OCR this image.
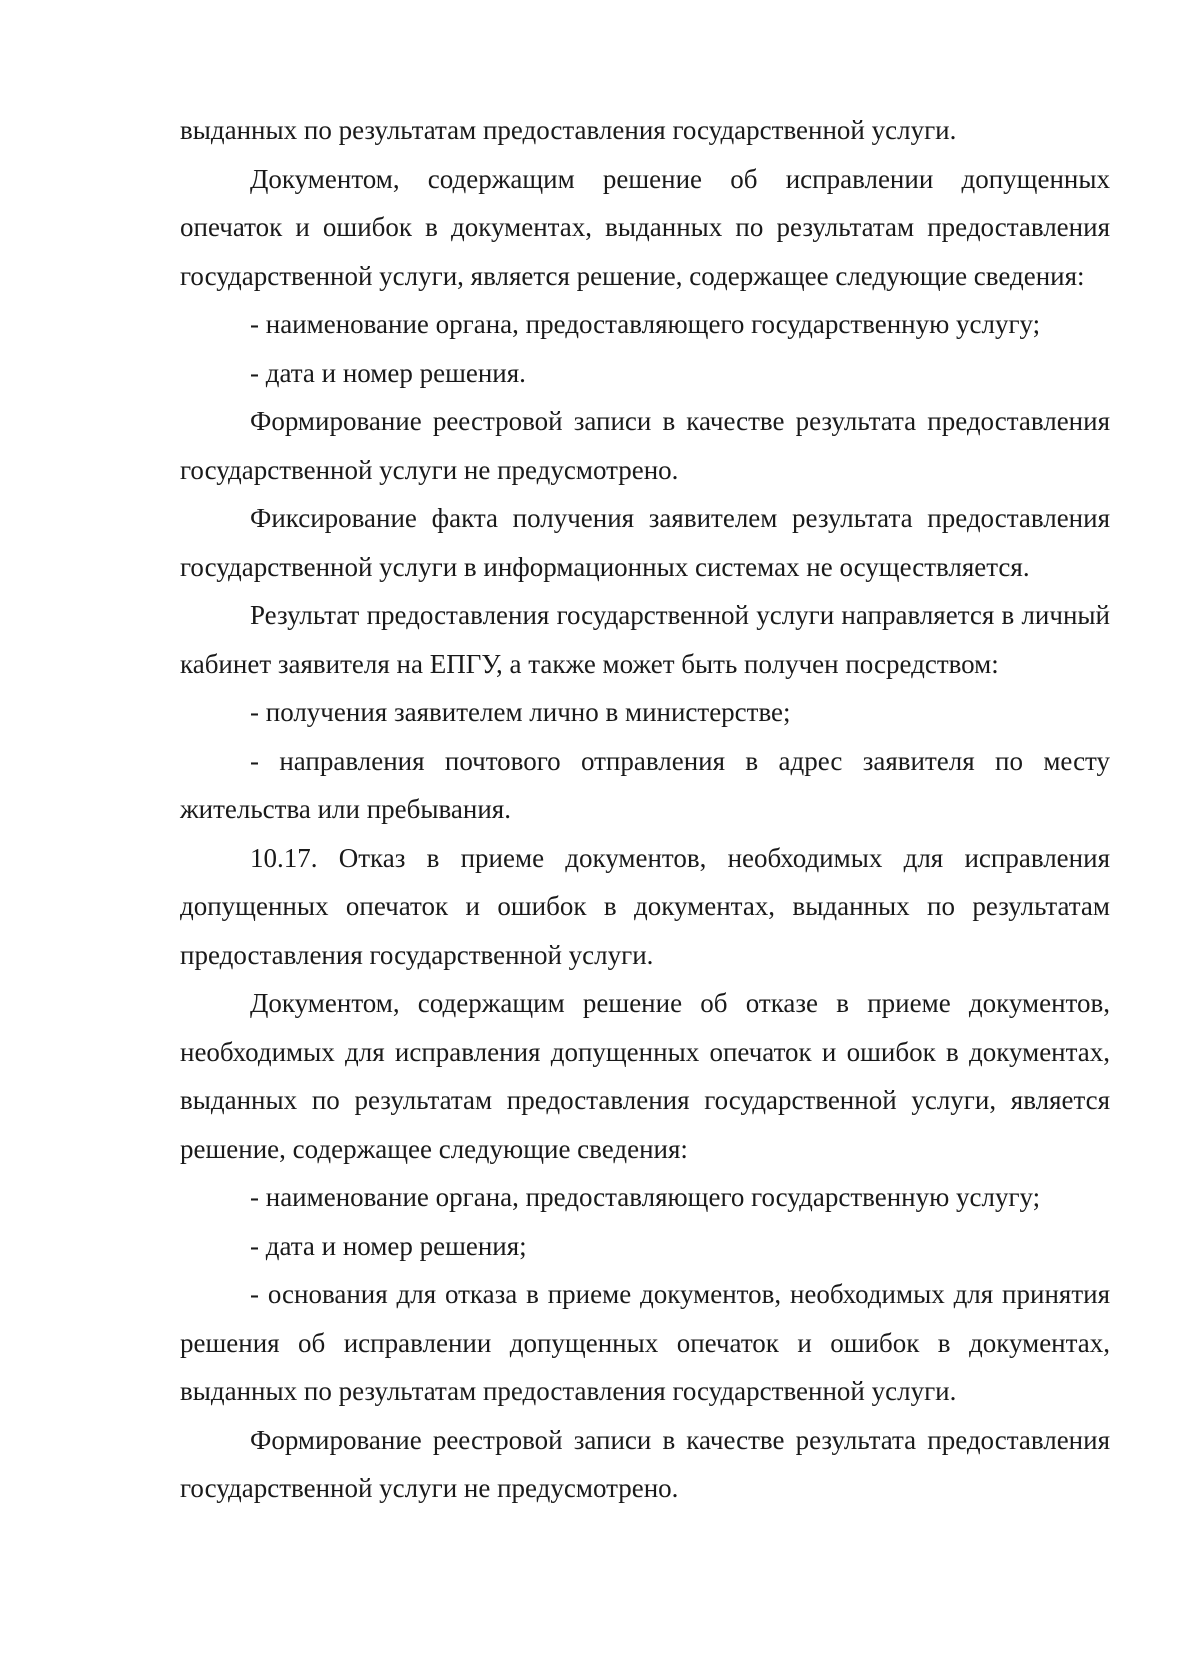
выданных по результатам предоставления государственной услуги.

Документом, содержащим решение об исправлении допущенных опечаток и ошибок в документах, выданных по результатам предоставления государственной услуги, является решение, содержащее следующие сведения:

- наименование органа, предоставляющего государственную услугу;

- дата и номер решения.

Формирование реестровой записи в качестве результата предоставления государственной услуги не предусмотрено.

Фиксирование факта получения заявителем результата предоставления государственной услуги в информационных системах не осуществляется.

Результат предоставления государственной услуги направляется в личный кабинет заявителя на ЕПГУ, а также может быть получен посредством:

- получения заявителем лично в министерстве;

- направления почтового отправления в адрес заявителя по месту жительства или пребывания.

10.17. Отказ в приеме документов, необходимых для исправления допущенных опечаток и ошибок в документах, выданных по результатам предоставления государственной услуги.

Документом, содержащим решение об отказе в приеме документов, необходимых для исправления допущенных опечаток и ошибок в документах, выданных по результатам предоставления государственной услуги, является решение, содержащее следующие сведения:

- наименование органа, предоставляющего государственную услугу;

- дата и номер решения;

- основания для отказа в приеме документов, необходимых для принятия решения об исправлении допущенных опечаток и ошибок в документах, выданных по результатам предоставления государственной услуги.

Формирование реестровой записи в качестве результата предоставления государственной услуги не предусмотрено.
